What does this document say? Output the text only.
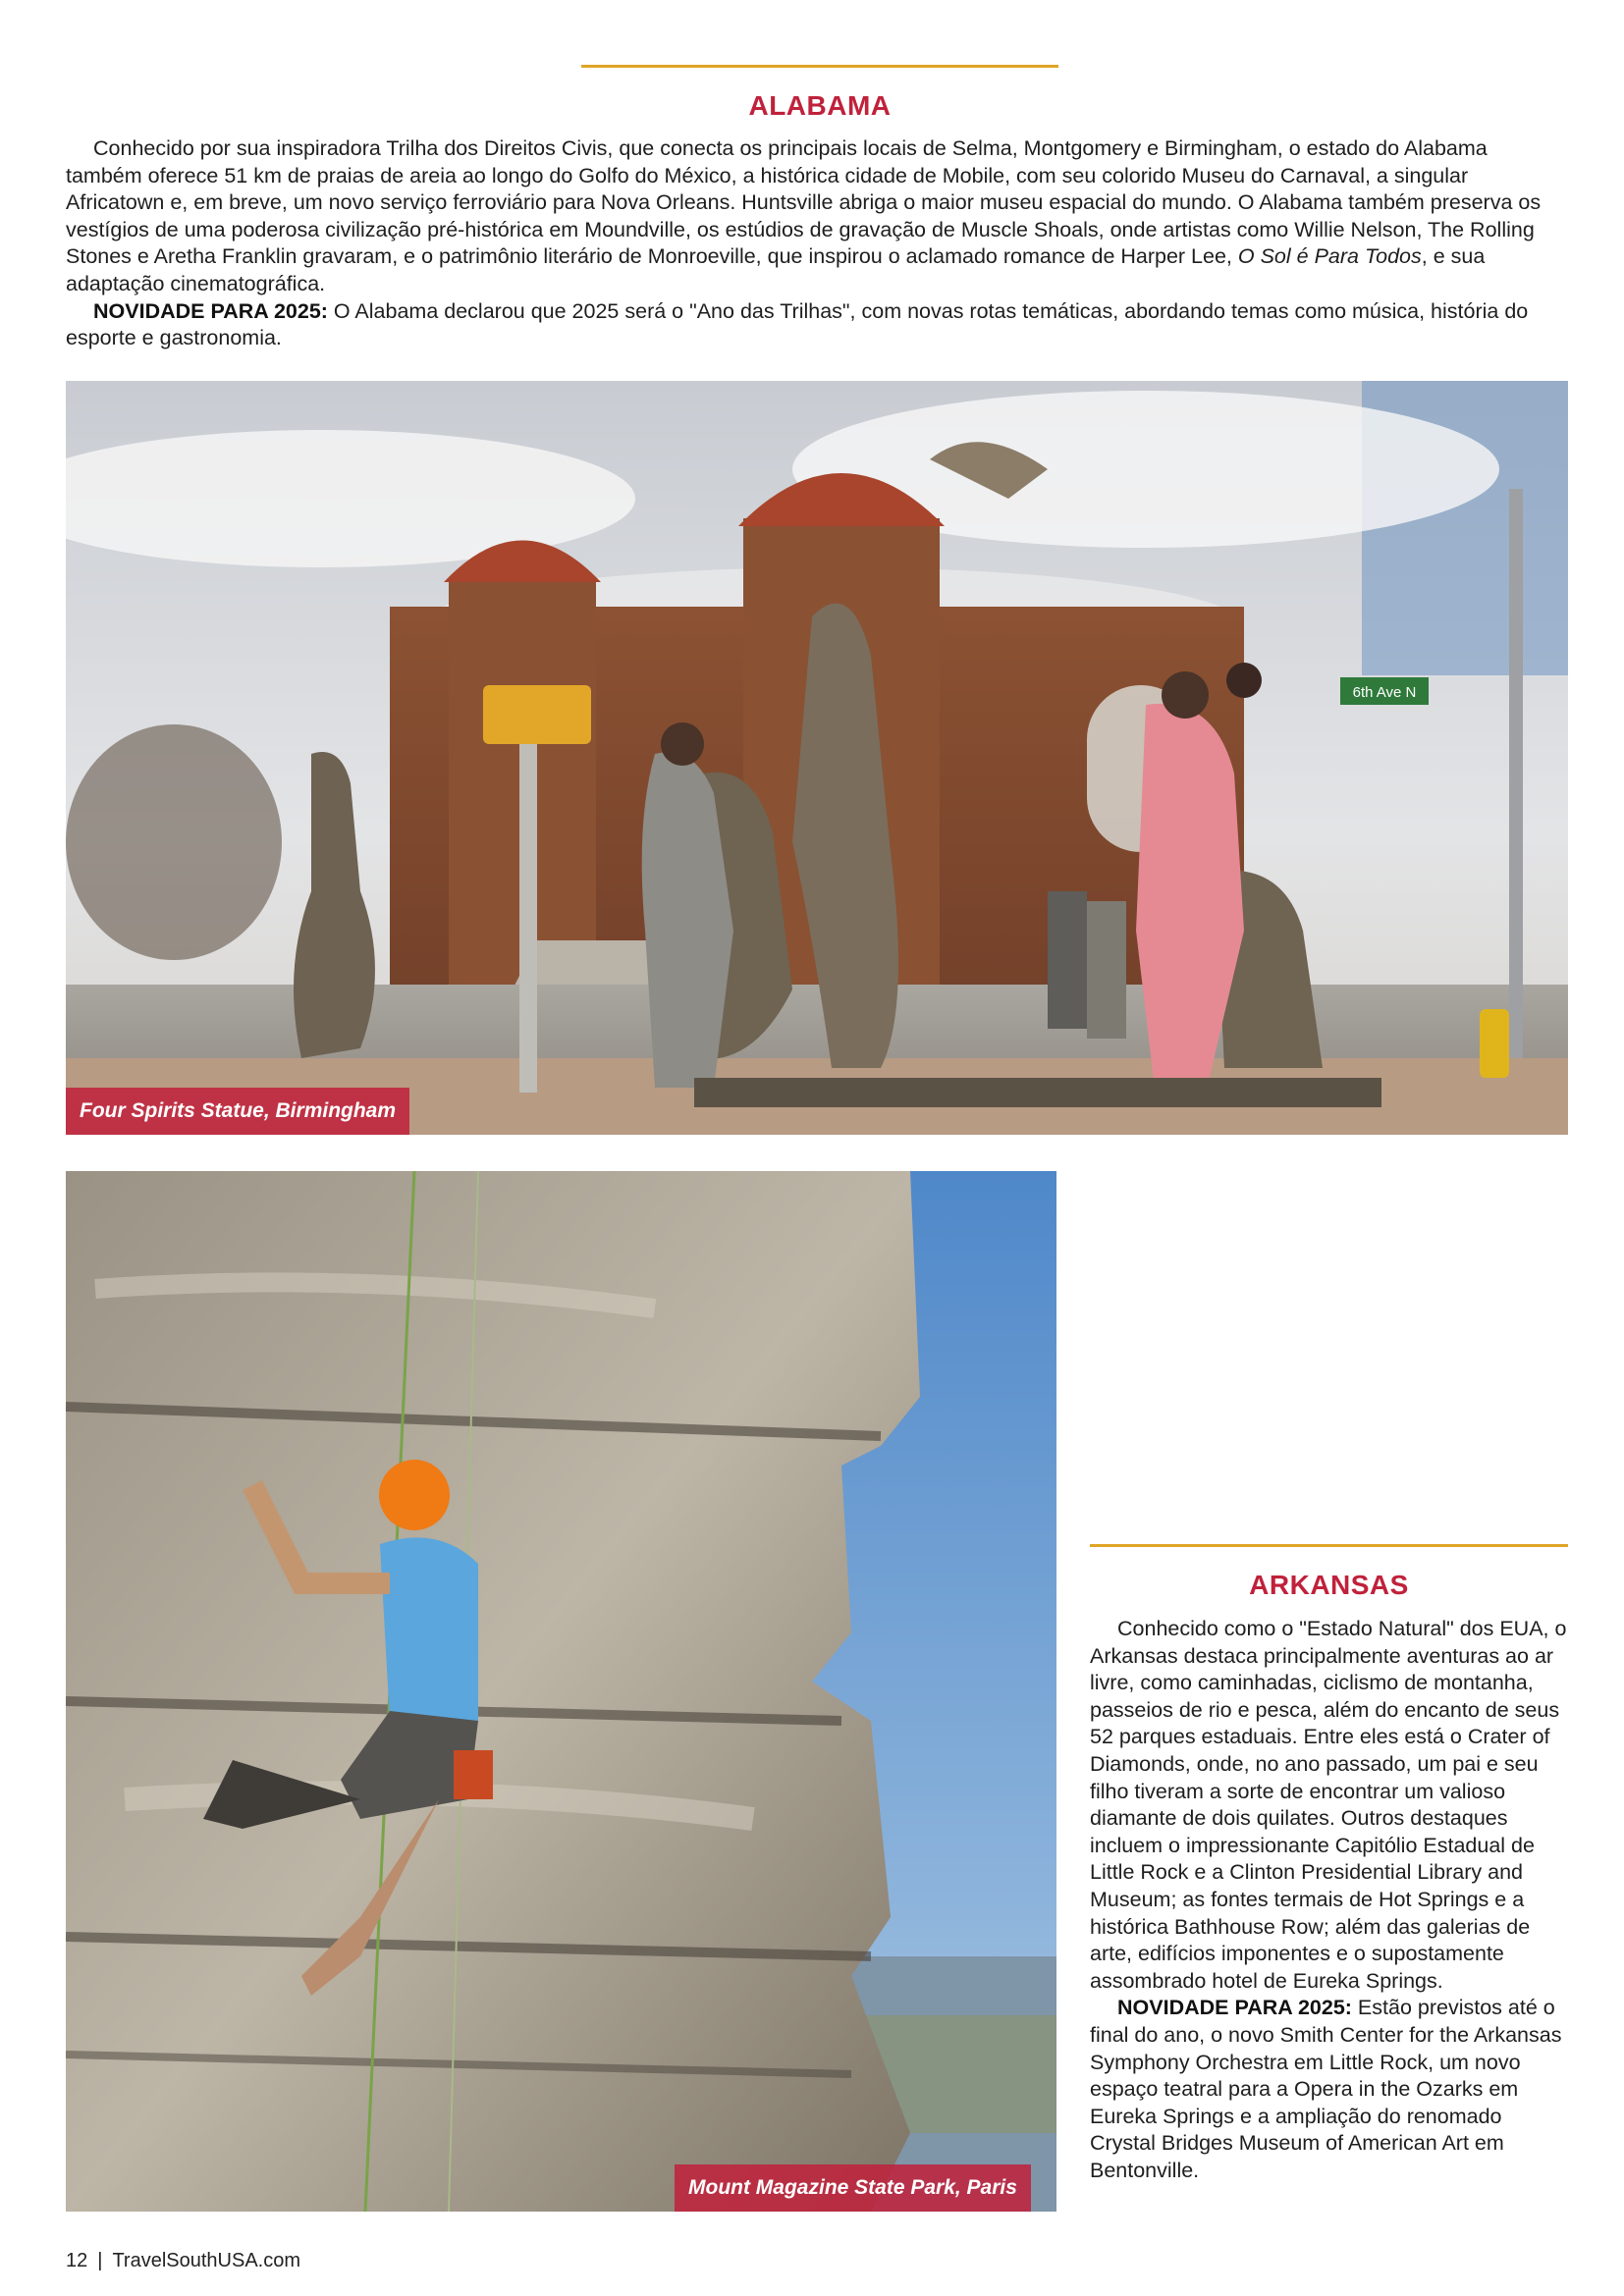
ALABAMA

Conhecido por sua inspiradora Trilha dos Direitos Civis, que conecta os principais locais de Selma, Montgomery e Birmingham, o estado do Alabama também oferece 51 km de praias de areia ao longo do Golfo do México, a histórica cidade de Mobile, com seu colorido Museu do Carnaval, a singular Africatown e, em breve, um novo serviço ferroviário para Nova Orleans. Huntsville abriga o maior museu espacial do mundo. O Alabama também preserva os vestígios de uma poderosa civilização pré-histórica em Moundville, os estúdios de gravação de Muscle Shoals, onde artistas como Willie Nelson, The Rolling Stones e Aretha Franklin gravaram, e o patrimônio literário de Monroeville, que inspirou o aclamado romance de Harper Lee, O Sol é Para Todos, e sua adaptação cinematográfica.

NOVIDADE PARA 2025: O Alabama declarou que 2025 será o "Ano das Trilhas", com novas rotas temáticas, abordando temas como música, história do esporte e gastronomia.

6th Ave N
Four Spirits Statue, Birmingham
Mount Magazine State Park, Paris
ARKANSAS

Conhecido como o "Estado Natural" dos EUA, o Arkansas destaca principalmente aventuras ao ar livre, como caminhadas, ciclismo de montanha, passeios de rio e pesca, além do encanto de seus 52 parques estaduais. Entre eles está o Crater of Diamonds, onde, no ano passado, um pai e seu filho tiveram a sorte de encontrar um valioso diamante de dois quilates. Outros destaques incluem o impressionante Capitólio Estadual de Little Rock e a Clinton Presidential Library and Museum; as fontes termais de Hot Springs e a histórica Bathhouse Row; além das galerias de arte, edifícios imponentes e o supostamente assombrado hotel de Eureka Springs.

NOVIDADE PARA 2025: Estão previstos até o final do ano, o novo Smith Center for the Arkansas Symphony Orchestra em Little Rock, um novo espaço teatral para a Opera in the Ozarks em Eureka Springs e a ampliação do renomado Crystal Bridges Museum of American Art em Bentonville.

12 | TravelSouthUSA.com
